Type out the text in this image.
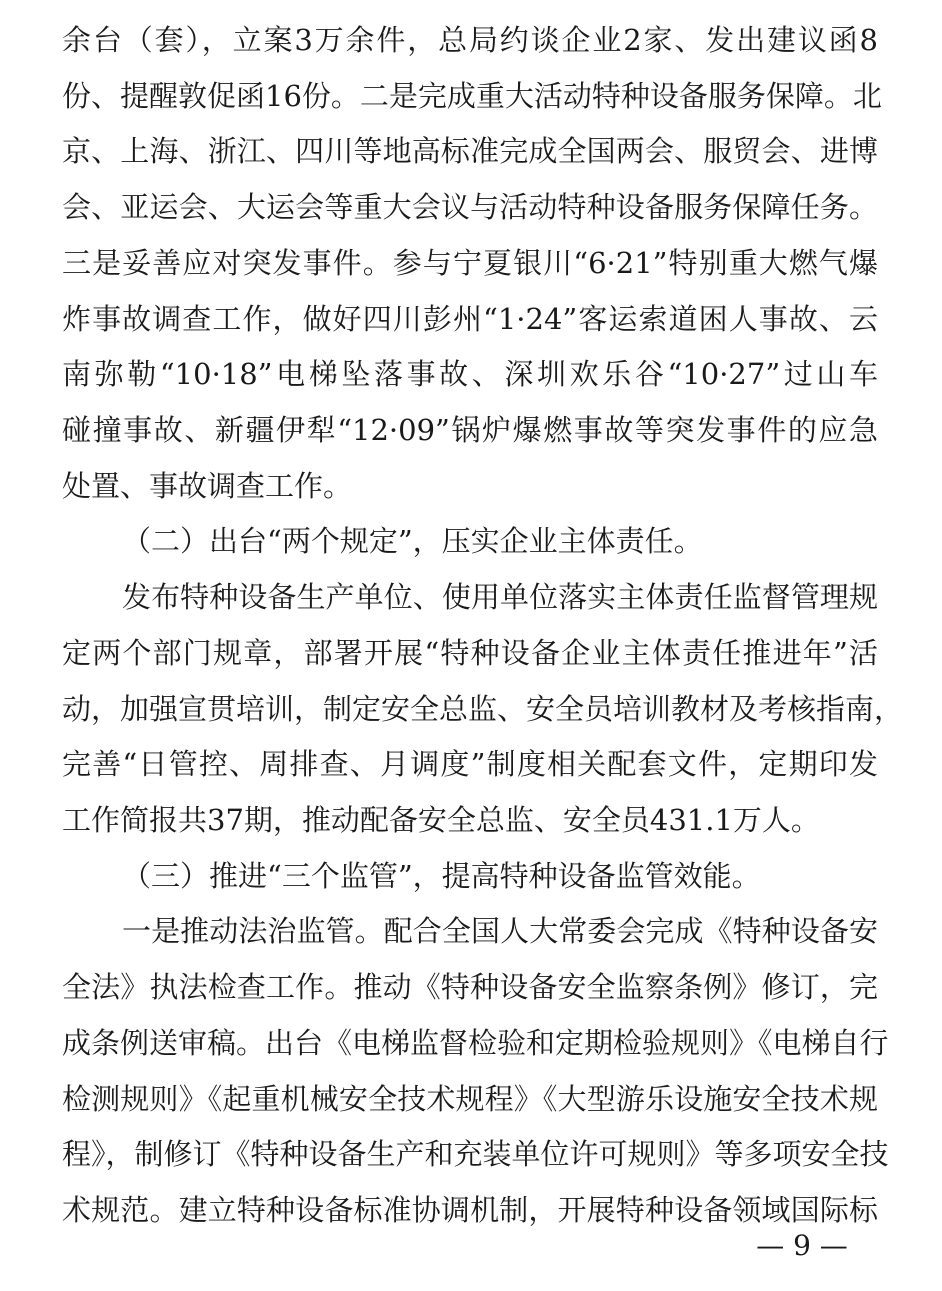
余台（套），立案3万余件，总局约谈企业2家、发出建议函8
份、提醒敦促函16份。二是完成重大活动特种设备服务保障。北
京、上海、浙江、四川等地高标准完成全国两会、服贸会、进博
会、亚运会、大运会等重大会议与活动特种设备服务保障任务。
三是妥善应对突发事件。参与宁夏银川“6·21”特别重大燃气爆
炸事故调查工作，做好四川彭州“1·24”客运索道困人事故、云
南弥勒“10·18”电梯坠落事故、深圳欢乐谷“10·27”过山车
碰撞事故、新疆伊犁“12·09”锅炉爆燃事故等突发事件的应急
处置、事故调查工作。
（二）出台“两个规定”，压实企业主体责任。
发布特种设备生产单位、使用单位落实主体责任监督管理规
定两个部门规章，部署开展“特种设备企业主体责任推进年”活
动，加强宣贯培训，制定安全总监、安全员培训教材及考核指南，
完善“日管控、周排查、月调度”制度相关配套文件，定期印发
工作简报共37期，推动配备安全总监、安全员431.1万人。
（三）推进“三个监管”，提高特种设备监管效能。
一是推动法治监管。配合全国人大常委会完成《特种设备安
全法》执法检查工作。推动《特种设备安全监察条例》修订，完
成条例送审稿。出台《电梯监督检验和定期检验规则》《电梯自行
检测规则》《起重机械安全技术规程》《大型游乐设施安全技术规
程》，制修订《特种设备生产和充装单位许可规则》等多项安全技
术规范。建立特种设备标准协调机制，开展特种设备领域国际标
— 9 —
